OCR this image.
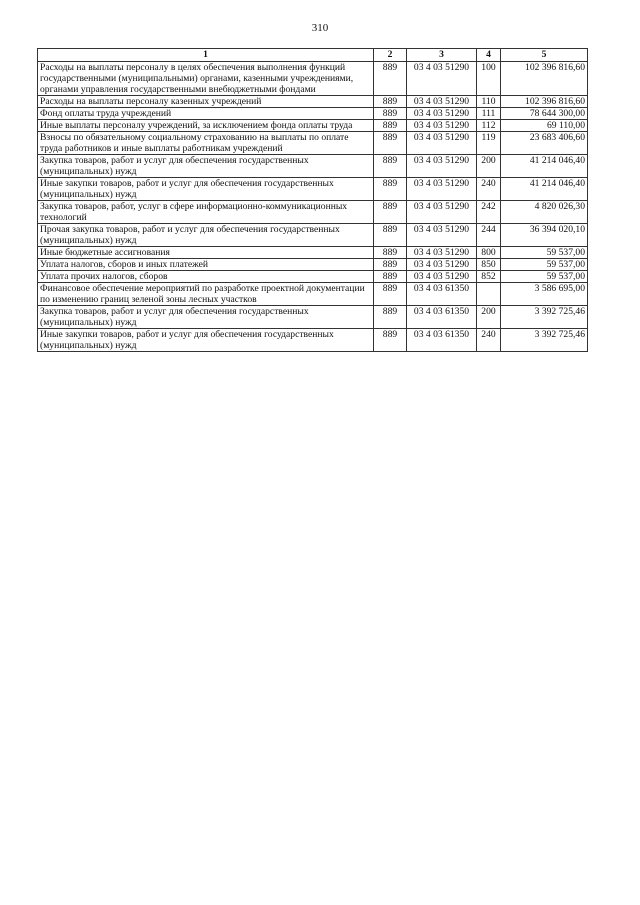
310
1	2	3	4	5
Расходы на выплаты персоналу в целях обеспечения выполнения функций государственными (муниципальными) органами, казенными учреждениями, органами управления государственными внебюджетными фондами	889	03 4 03 51290	100	102 396 816,60
Расходы на выплаты персоналу казенных учреждений	889	03 4 03 51290	110	102 396 816,60
Фонд оплаты труда учреждений	889	03 4 03 51290	111	78 644 300,00
Иные выплаты персоналу учреждений, за исключением фонда оплаты труда	889	03 4 03 51290	112	69 110,00
Взносы по обязательному социальному страхованию на выплаты по оплате труда работников и иные выплаты работникам учреждений	889	03 4 03 51290	119	23 683 406,60
Закупка товаров, работ и услуг для обеспечения государственных (муниципальных) нужд	889	03 4 03 51290	200	41 214 046,40
Иные закупки товаров, работ и услуг для обеспечения государственных (муниципальных) нужд	889	03 4 03 51290	240	41 214 046,40
Закупка товаров, работ, услуг в сфере информационно-коммуникационных технологий	889	03 4 03 51290	242	4 820 026,30
Прочая закупка товаров, работ и услуг для обеспечения государственных (муниципальных) нужд	889	03 4 03 51290	244	36 394 020,10
Иные бюджетные ассигнования	889	03 4 03 51290	800	59 537,00
Уплата налогов, сборов и иных платежей	889	03 4 03 51290	850	59 537,00
Уплата прочих налогов, сборов	889	03 4 03 51290	852	59 537,00
Финансовое обеспечение мероприятий по разработке проектной документации по изменению границ зеленой зоны лесных участков	889	03 4 03 61350		3 586 695,00
Закупка товаров, работ и услуг для обеспечения государственных (муниципальных) нужд	889	03 4 03 61350	200	3 392 725,46
Иные закупки товаров, работ и услуг для обеспечения государственных (муниципальных) нужд	889	03 4 03 61350	240	3 392 725,46
